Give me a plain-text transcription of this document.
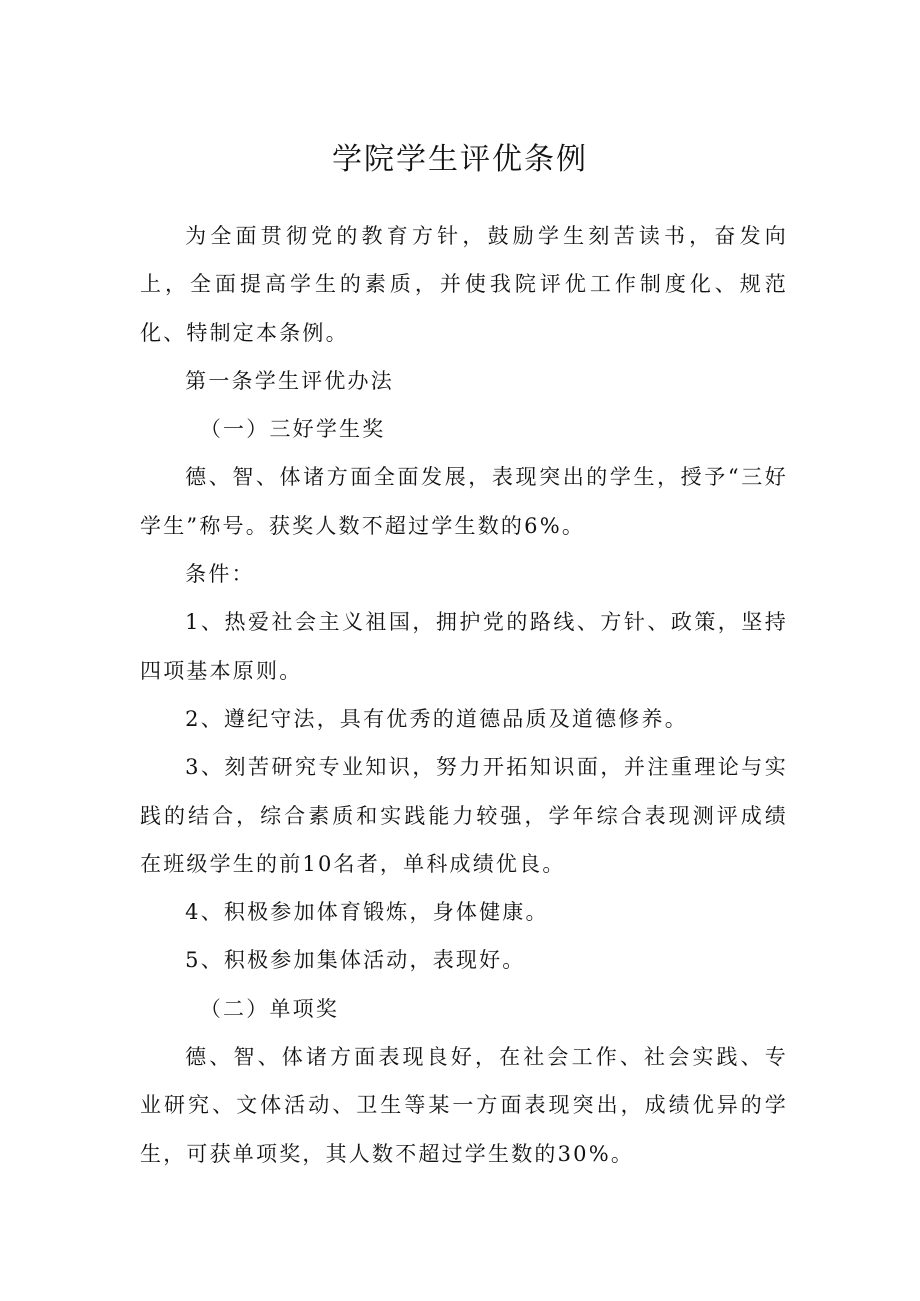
学院学生评优条例

为全面贯彻党的教育方针，鼓励学生刻苦读书，奋发向上，全面提高学生的素质，并使我院评优工作制度化、规范化、特制定本条例。

第一条学生评优办法

（一）三好学生奖

德、智、体诸方面全面发展，表现突出的学生，授予“三好学生”称号。获奖人数不超过学生数的6%。

条件：

1、热爱社会主义祖国，拥护党的路线、方针、政策，坚持四项基本原则。

2、遵纪守法，具有优秀的道德品质及道德修养。

3、刻苦研究专业知识，努力开拓知识面，并注重理论与实践的结合，综合素质和实践能力较强，学年综合表现测评成绩在班级学生的前10名者，单科成绩优良。

4、积极参加体育锻炼，身体健康。

5、积极参加集体活动，表现好。

（二）单项奖

德、智、体诸方面表现良好，在社会工作、社会实践、专业研究、文体活动、卫生等某一方面表现突出，成绩优异的学生，可获单项奖，其人数不超过学生数的30%。
